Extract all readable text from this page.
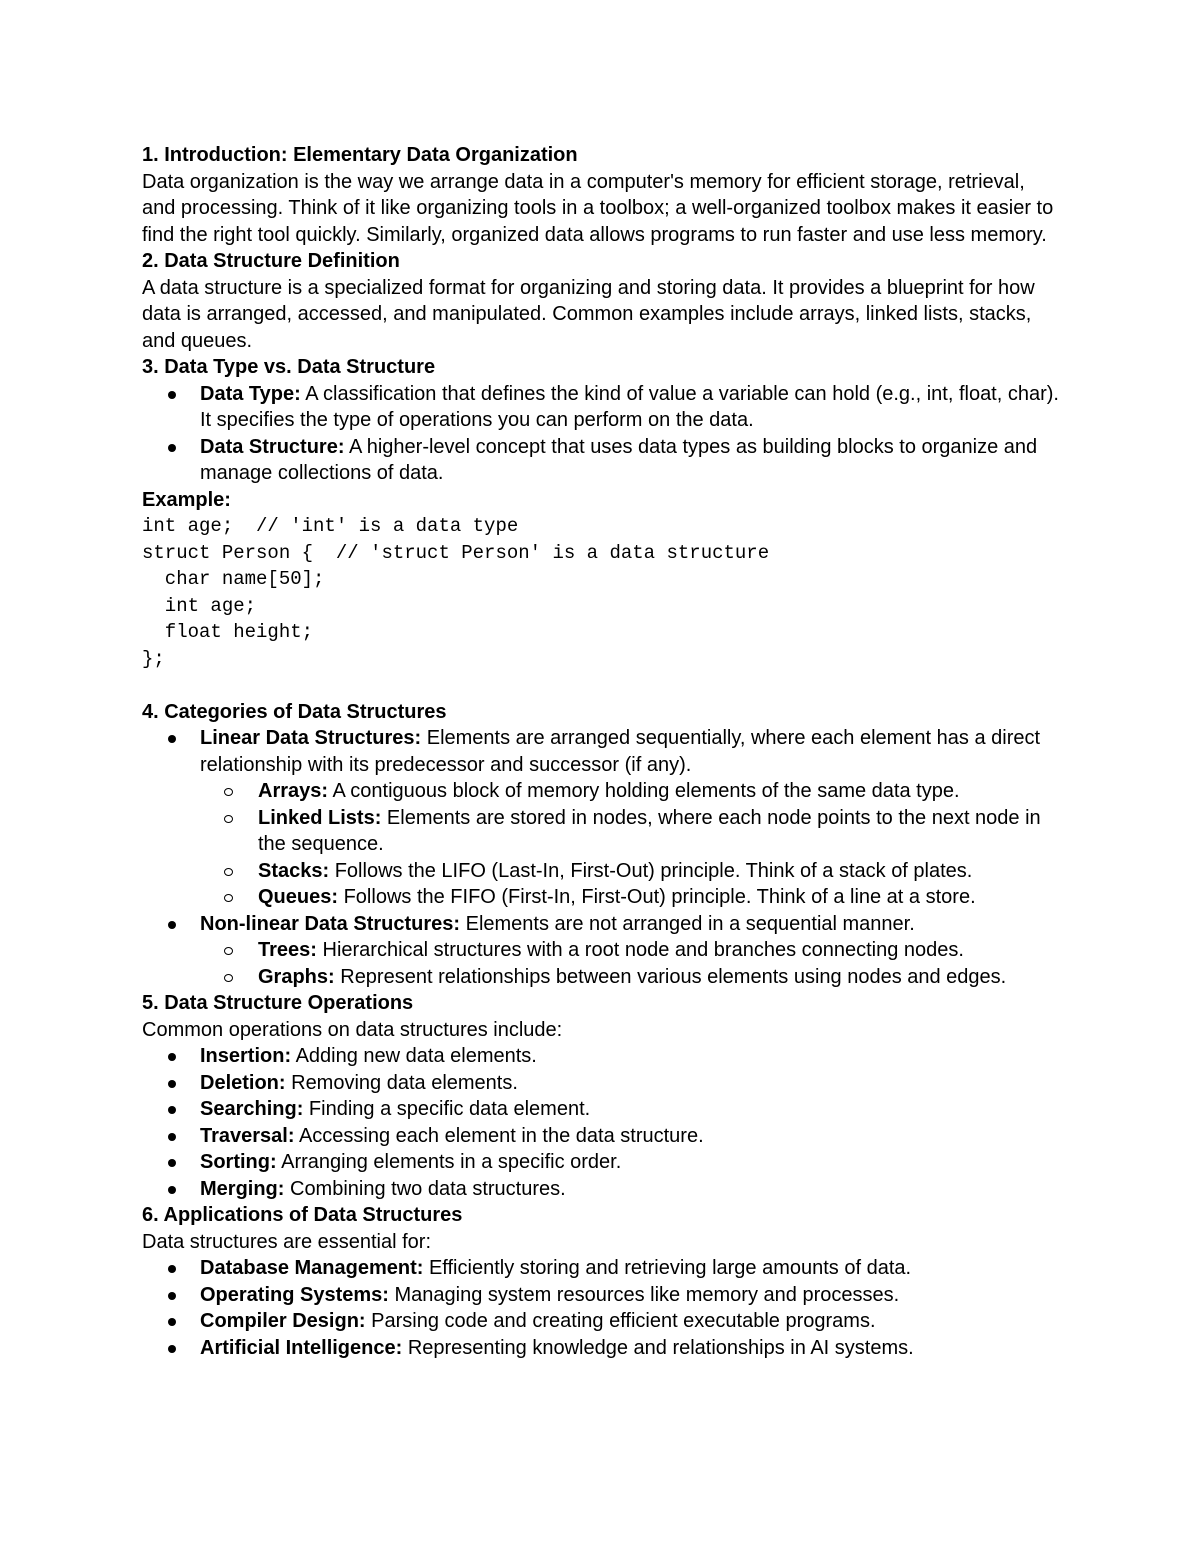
1. Introduction: Elementary Data Organization

Data organization is the way we arrange data in a computer's memory for efficient storage, retrieval, and processing. Think of it like organizing tools in a toolbox; a well-organized toolbox makes it easier to find the right tool quickly. Similarly, organized data allows programs to run faster and use less memory.

2. Data Structure Definition

A data structure is a specialized format for organizing and storing data. It provides a blueprint for how data is arranged, accessed, and manipulated. Common examples include arrays, linked lists, stacks, and queues.

3. Data Type vs. Data Structure

Data Type: A classification that defines the kind of value a variable can hold (e.g., int, float, char). It specifies the type of operations you can perform on the data.
Data Structure: A higher-level concept that uses data types as building blocks to organize and manage collections of data.

Example:

int age;  // 'int' is a data type
struct Person {  // 'struct Person' is a data structure
char name[50];
int age;
float height;
};

4. Categories of Data Structures

Linear Data Structures: Elements are arranged sequentially, where each element has a direct relationship with its predecessor and successor (if any).
Arrays: A contiguous block of memory holding elements of the same data type.
Linked Lists: Elements are stored in nodes, where each node points to the next node in the sequence.
Stacks: Follows the LIFO (Last-In, First-Out) principle. Think of a stack of plates.
Queues: Follows the FIFO (First-In, First-Out) principle. Think of a line at a store.
Non-linear Data Structures: Elements are not arranged in a sequential manner.
Trees: Hierarchical structures with a root node and branches connecting nodes.
Graphs: Represent relationships between various elements using nodes and edges.

5. Data Structure Operations

Common operations on data structures include:

Insertion: Adding new data elements.
Deletion: Removing data elements.
Searching: Finding a specific data element.
Traversal: Accessing each element in the data structure.
Sorting: Arranging elements in a specific order.
Merging: Combining two data structures.

6. Applications of Data Structures

Data structures are essential for:

Database Management: Efficiently storing and retrieving large amounts of data.
Operating Systems: Managing system resources like memory and processes.
Compiler Design: Parsing code and creating efficient executable programs.
Artificial Intelligence: Representing knowledge and relationships in AI systems.
